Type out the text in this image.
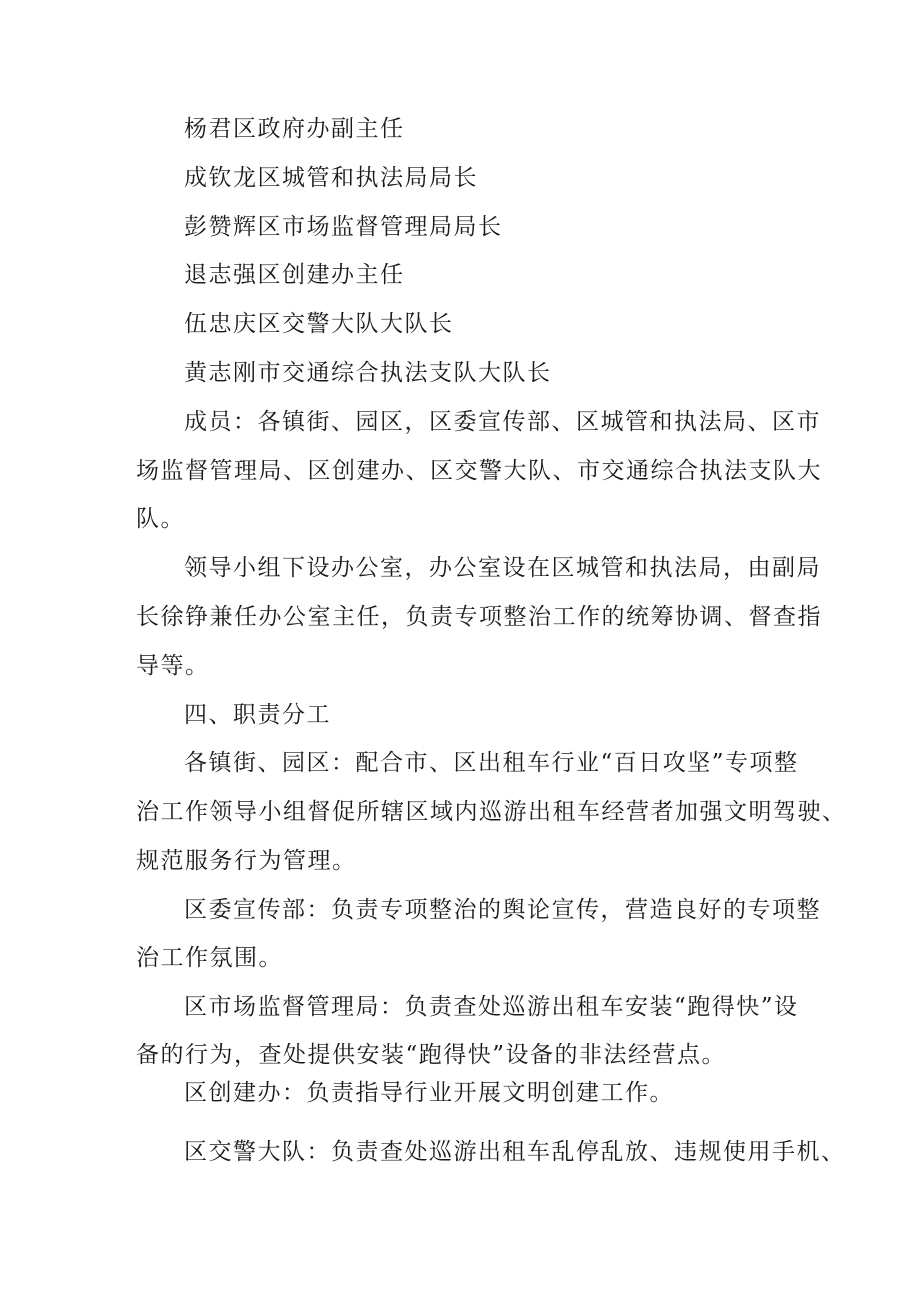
杨君区政府办副主任
成钦龙区城管和执法局局长
彭赞辉区市场监督管理局局长
退志强区创建办主任
伍忠庆区交警大队大队长
黄志刚市交通综合执法支队大队长
成员：各镇街、园区，区委宣传部、区城管和执法局、区市
场监督管理局、区创建办、区交警大队、市交通综合执法支队大
队。
领导小组下设办公室，办公室设在区城管和执法局，由副局
长徐铮兼任办公室主任，负责专项整治工作的统筹协调、督查指
导等。
四、职责分工
各镇街、园区：配合市、区出租车行业“百日攻坚”专项整
治工作领导小组督促所辖区域内巡游出租车经营者加强文明驾驶、
规范服务行为管理。
区委宣传部：负责专项整治的舆论宣传，营造良好的专项整
治工作氛围。
区市场监督管理局：负责查处巡游出租车安装“跑得快”设
备的行为，查处提供安装“跑得快”设备的非法经营点。
区创建办：负责指导行业开展文明创建工作。
区交警大队：负责查处巡游出租车乱停乱放、违规使用手机、
